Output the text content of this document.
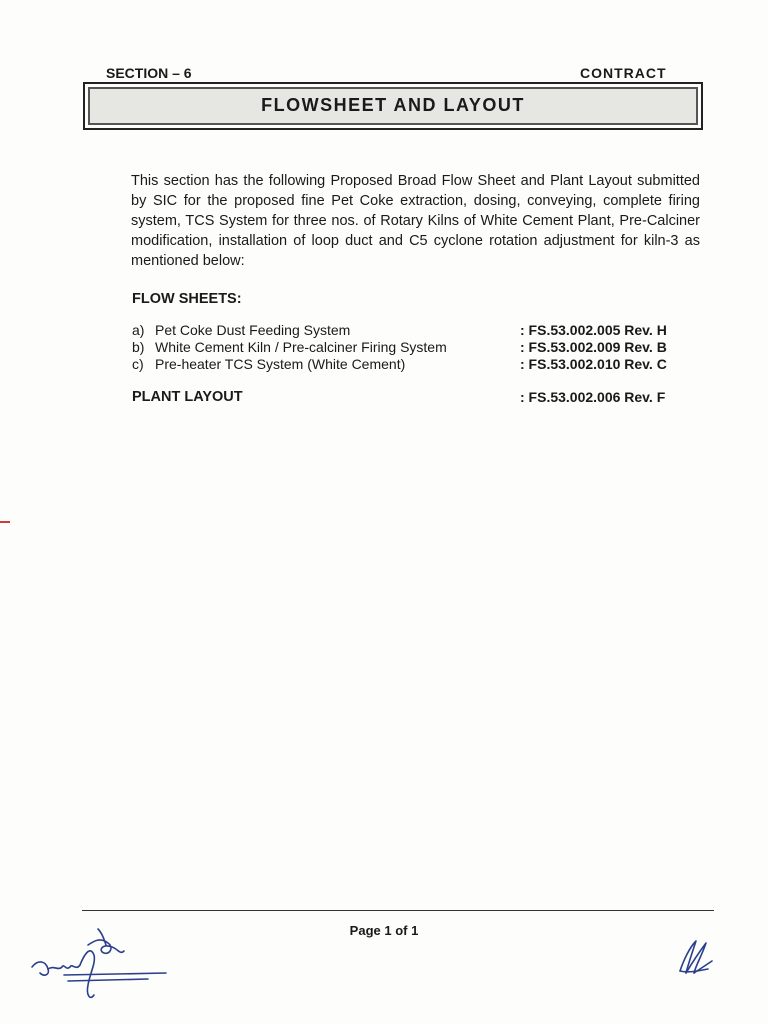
SECTION – 6	CONTRACT
FLOWSHEET AND LAYOUT
This section has the following Proposed Broad Flow Sheet and Plant Layout submitted by SIC for the proposed fine Pet Coke extraction, dosing, conveying, complete firing system, TCS System for three nos. of Rotary Kilns of White Cement Plant, Pre-Calciner modification, installation of loop duct and C5 cyclone rotation adjustment for kiln-3 as mentioned below:
FLOW SHEETS:
a) Pet Coke Dust Feeding System	: FS.53.002.005 Rev. H
b) White Cement Kiln / Pre-calciner Firing System	: FS.53.002.009 Rev. B
c) Pre-heater TCS System (White Cement)	: FS.53.002.010 Rev. C
PLANT LAYOUT	: FS.53.002.006 Rev. F
Page 1 of 1
